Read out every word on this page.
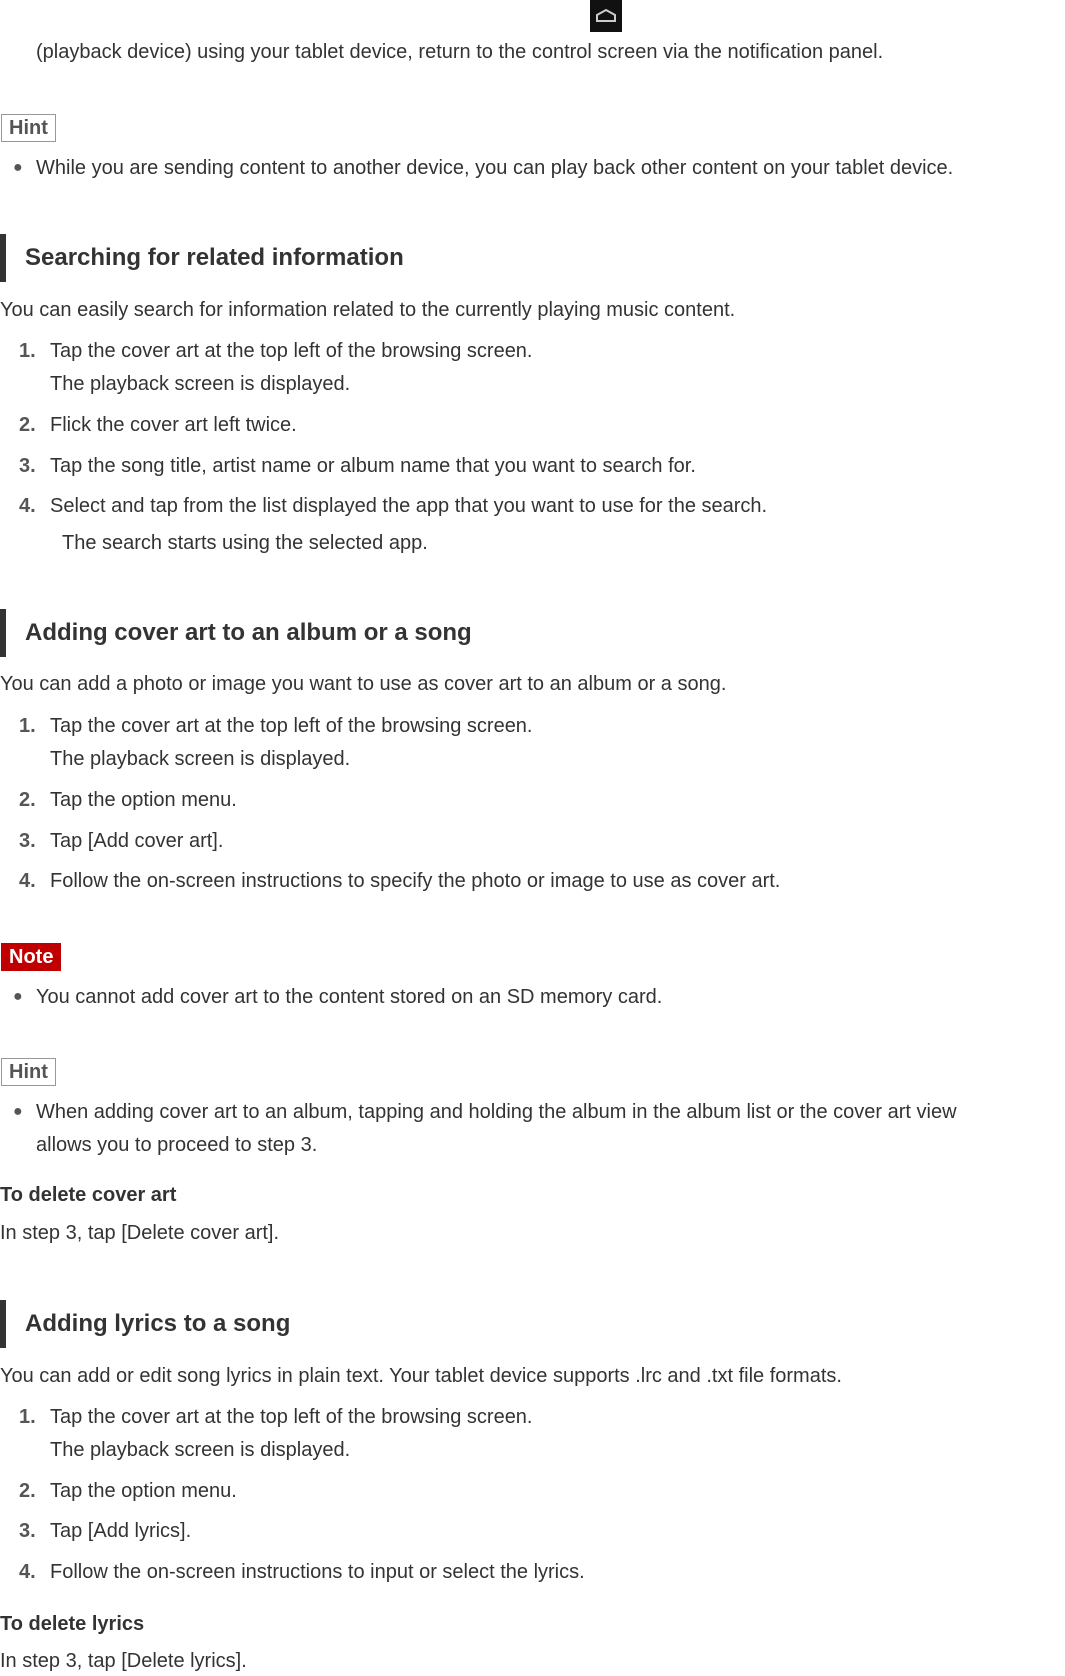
(playback device) using your tablet device, return to the control screen via the notification panel.
Hint
● While you are sending content to another device, you can play back other content on your tablet device.
Searching for related information
You can easily search for information related to the currently playing music content.
1. Tap the cover art at the top left of the browsing screen.
The playback screen is displayed.
2. Flick the cover art left twice.
3. Tap the song title, artist name or album name that you want to search for.
4. Select and tap from the list displayed the app that you want to use for the search.
The search starts using the selected app.
Adding cover art to an album or a song
You can add a photo or image you want to use as cover art to an album or a song.
1. Tap the cover art at the top left of the browsing screen.
The playback screen is displayed.
2. Tap the option menu.
3. Tap [Add cover art].
4. Follow the on-screen instructions to specify the photo or image to use as cover art.
Note
● You cannot add cover art to the content stored on an SD memory card.
Hint
● When adding cover art to an album, tapping and holding the album in the album list or the cover art view
allows you to proceed to step 3.
To delete cover art
In step 3, tap [Delete cover art].
Adding lyrics to a song
You can add or edit song lyrics in plain text. Your tablet device supports .lrc and .txt file formats.
1. Tap the cover art at the top left of the browsing screen.
The playback screen is displayed.
2. Tap the option menu.
3. Tap [Add lyrics].
4. Follow the on-screen instructions to input or select the lyrics.
To delete lyrics
In step 3, tap [Delete lyrics].
